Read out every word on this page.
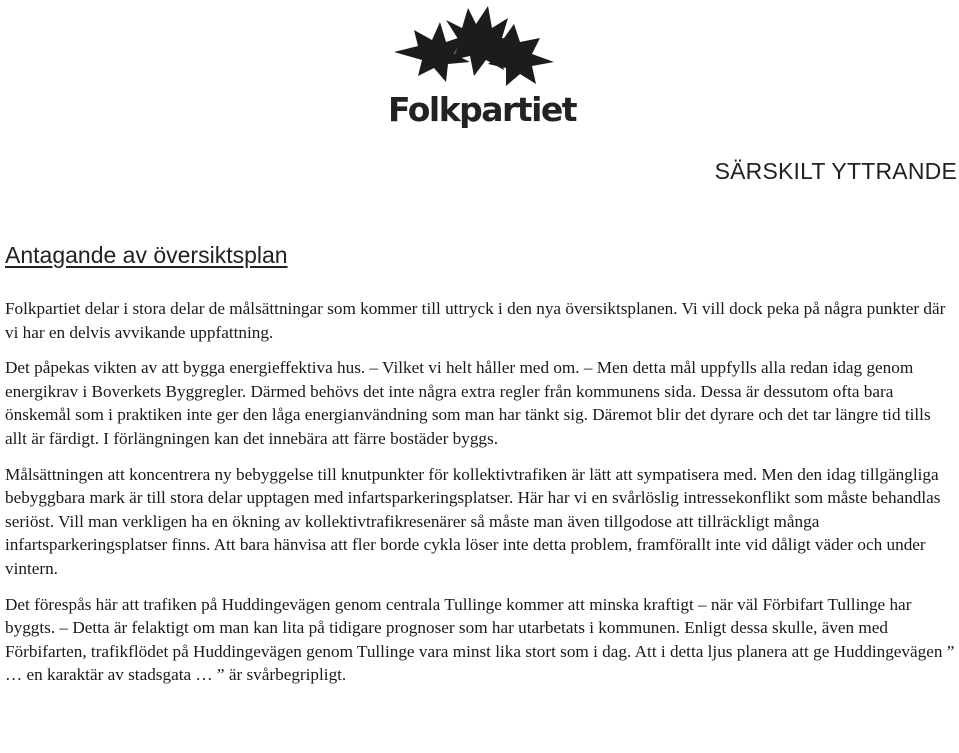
Folkpartiet
SÄRSKILT YTTRANDE
Antagande av översiktsplan

Folkpartiet delar i stora delar de målsättningar som kommer till uttryck i den nya översiktsplanen. Vi vill dock peka på några punkter där vi har en delvis avvikande uppfattning.

Det påpekas vikten av att bygga energieffektiva hus. – Vilket vi helt håller med om. – Men detta mål uppfylls alla redan idag genom energikrav i Boverkets Byggregler. Därmed behövs det inte några extra regler från kommunens sida. Dessa är dessutom ofta bara önskemål som i praktiken inte ger den låga energianvändning som man har tänkt sig. Däremot blir det dyrare och det tar längre tid tills allt är färdigt. I förlängningen kan det innebära att färre bostäder byggs.

Målsättningen att koncentrera ny bebyggelse till knutpunkter för kollektivtrafiken är lätt att sympatisera med. Men den idag tillgängliga bebyggbara mark är till stora delar upptagen med infartsparkeringsplatser. Här har vi en svårlöslig intressekonflikt som måste behandlas seriöst. Vill man verkligen ha en ökning av kollektivtrafikresenärer så måste man även tillgodose att tillräckligt många infartsparkeringsplatser finns. Att bara hänvisa att fler borde cykla löser inte detta problem, framförallt inte vid dåligt väder och under vintern.

Det förespås här att trafiken på Huddingevägen genom centrala Tullinge kommer att minska kraftigt – när väl Förbifart Tullinge har byggts. – Detta är felaktigt om man kan lita på tidigare prognoser som har utarbetats i kommunen. Enligt dessa skulle, även med Förbifarten, trafikflödet på Huddingevägen genom Tullinge vara minst lika stort som i dag. Att i detta ljus planera att ge Huddingevägen ” … en karaktär av stadsgata … ” är svårbegripligt.
